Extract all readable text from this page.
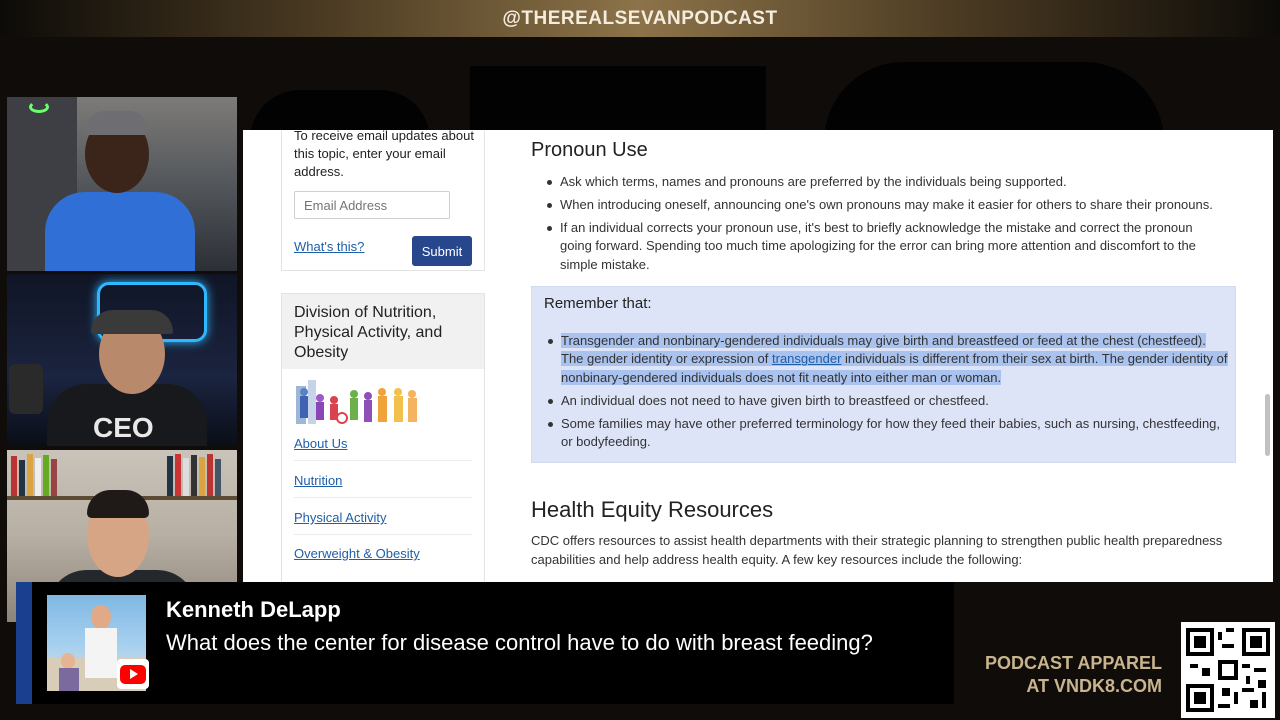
@THEREALSEVANPODCAST
CEO
To receive email updates about this topic, enter your email address.
Email Address
What's this?	Submit
Division of Nutrition, Physical Activity, and Obesity
About Us
Nutrition
Physical Activity
Overweight & Obesity
Pronoun Use
Ask which terms, names and pronouns are preferred by the individuals being supported.
When introducing oneself, announcing one's own pronouns may make it easier for others to share their pronouns.
If an individual corrects your pronoun use, it's best to briefly acknowledge the mistake and correct the pronoun going forward. Spending too much time apologizing for the error can bring more attention and discomfort to the simple mistake.
Remember that:
Transgender and nonbinary-gendered individuals may give birth and breastfeed or feed at the chest (chestfeed). The gender identity or expression of transgender individuals is different from their sex at birth. The gender identity of nonbinary-gendered individuals does not fit neatly into either man or woman.
An individual does not need to have given birth to breastfeed or chestfeed.
Some families may have other preferred terminology for how they feed their babies, such as nursing, chestfeeding, or bodyfeeding.
Health Equity Resources
CDC offers resources to assist health departments with their strategic planning to strengthen public health preparedness capabilities and help address health equity. A few key resources include the following:
Kenneth DeLapp
What does the center for disease control have to do with breast feeding?
PODCAST APPAREL
AT VNDK8.COM
